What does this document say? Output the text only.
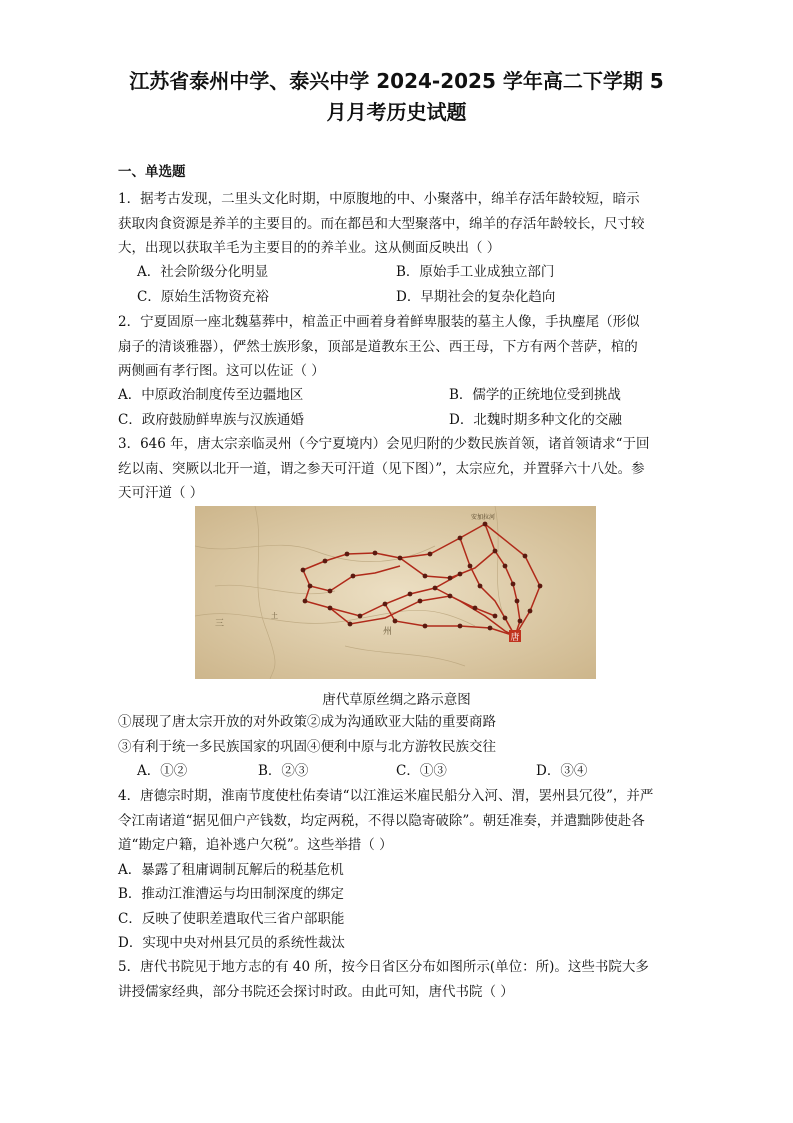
江苏省泰州中学、泰兴中学 2024-2025 学年高二下学期 5
月月考历史试题
一、单选题
1．据考古发现，二里头文化时期，中原腹地的中、小聚落中，绵羊存活年龄较短，暗示
获取肉食资源是养羊的主要目的。而在都邑和大型聚落中，绵羊的存活年龄较长，尺寸较
大，出现以获取羊毛为主要目的的养羊业。这从侧面反映出（ ）
A．社会阶级分化明显	B．原始手工业成独立部门
C．原始生活物资充裕	D．早期社会的复杂化趋向
2．宁夏固原一座北魏墓葬中，棺盖正中画着身着鲜卑服装的墓主人像，手执麈尾（形似
扇子的清谈雅器），俨然士族形象，顶部是道教东王公、西王母，下方有两个菩萨，棺的
两侧画有孝行图。这可以佐证（ ）
A．中原政治制度传至边疆地区	B．儒学的正统地位受到挑战
C．政府鼓励鲜卑族与汉族通婚	D．北魏时期多种文化的交融
3．646 年，唐太宗亲临灵州（今宁夏境内）会见归附的少数民族首领，诸首领请求“于回
纥以南、突厥以北开一道，谓之参天可汗道（见下图）”，太宗应允，并置驿六十八处。参
天可汗道（ ）
唐
安加拉河
三
土
州
唐代草原丝绸之路示意图
①展现了唐太宗开放的对外政策②成为沟通欧亚大陆的重要商路
③有利于统一多民族国家的巩固④便利中原与北方游牧民族交往
A．①②	B．②③	C．①③	D．③④
4．唐德宗时期，淮南节度使杜佑奏请“以江淮运米雇民船分入河、渭，罢州县冗役”，并严
令江南诸道“据见佃户产钱数，均定两税，不得以隐寄破除”。朝廷准奏，并遣黜陟使赴各
道“勘定户籍，追补逃户欠税”。这些举措（ ）
A．暴露了租庸调制瓦解后的税基危机
B．推动江淮漕运与均田制深度的绑定
C．反映了使职差遣取代三省户部职能
D．实现中央对州县冗员的系统性裁汰
5．唐代书院见于地方志的有 40 所，按今日省区分布如图所示(单位：所)。这些书院大多
讲授儒家经典，部分书院还会探讨时政。由此可知，唐代书院（ ）
